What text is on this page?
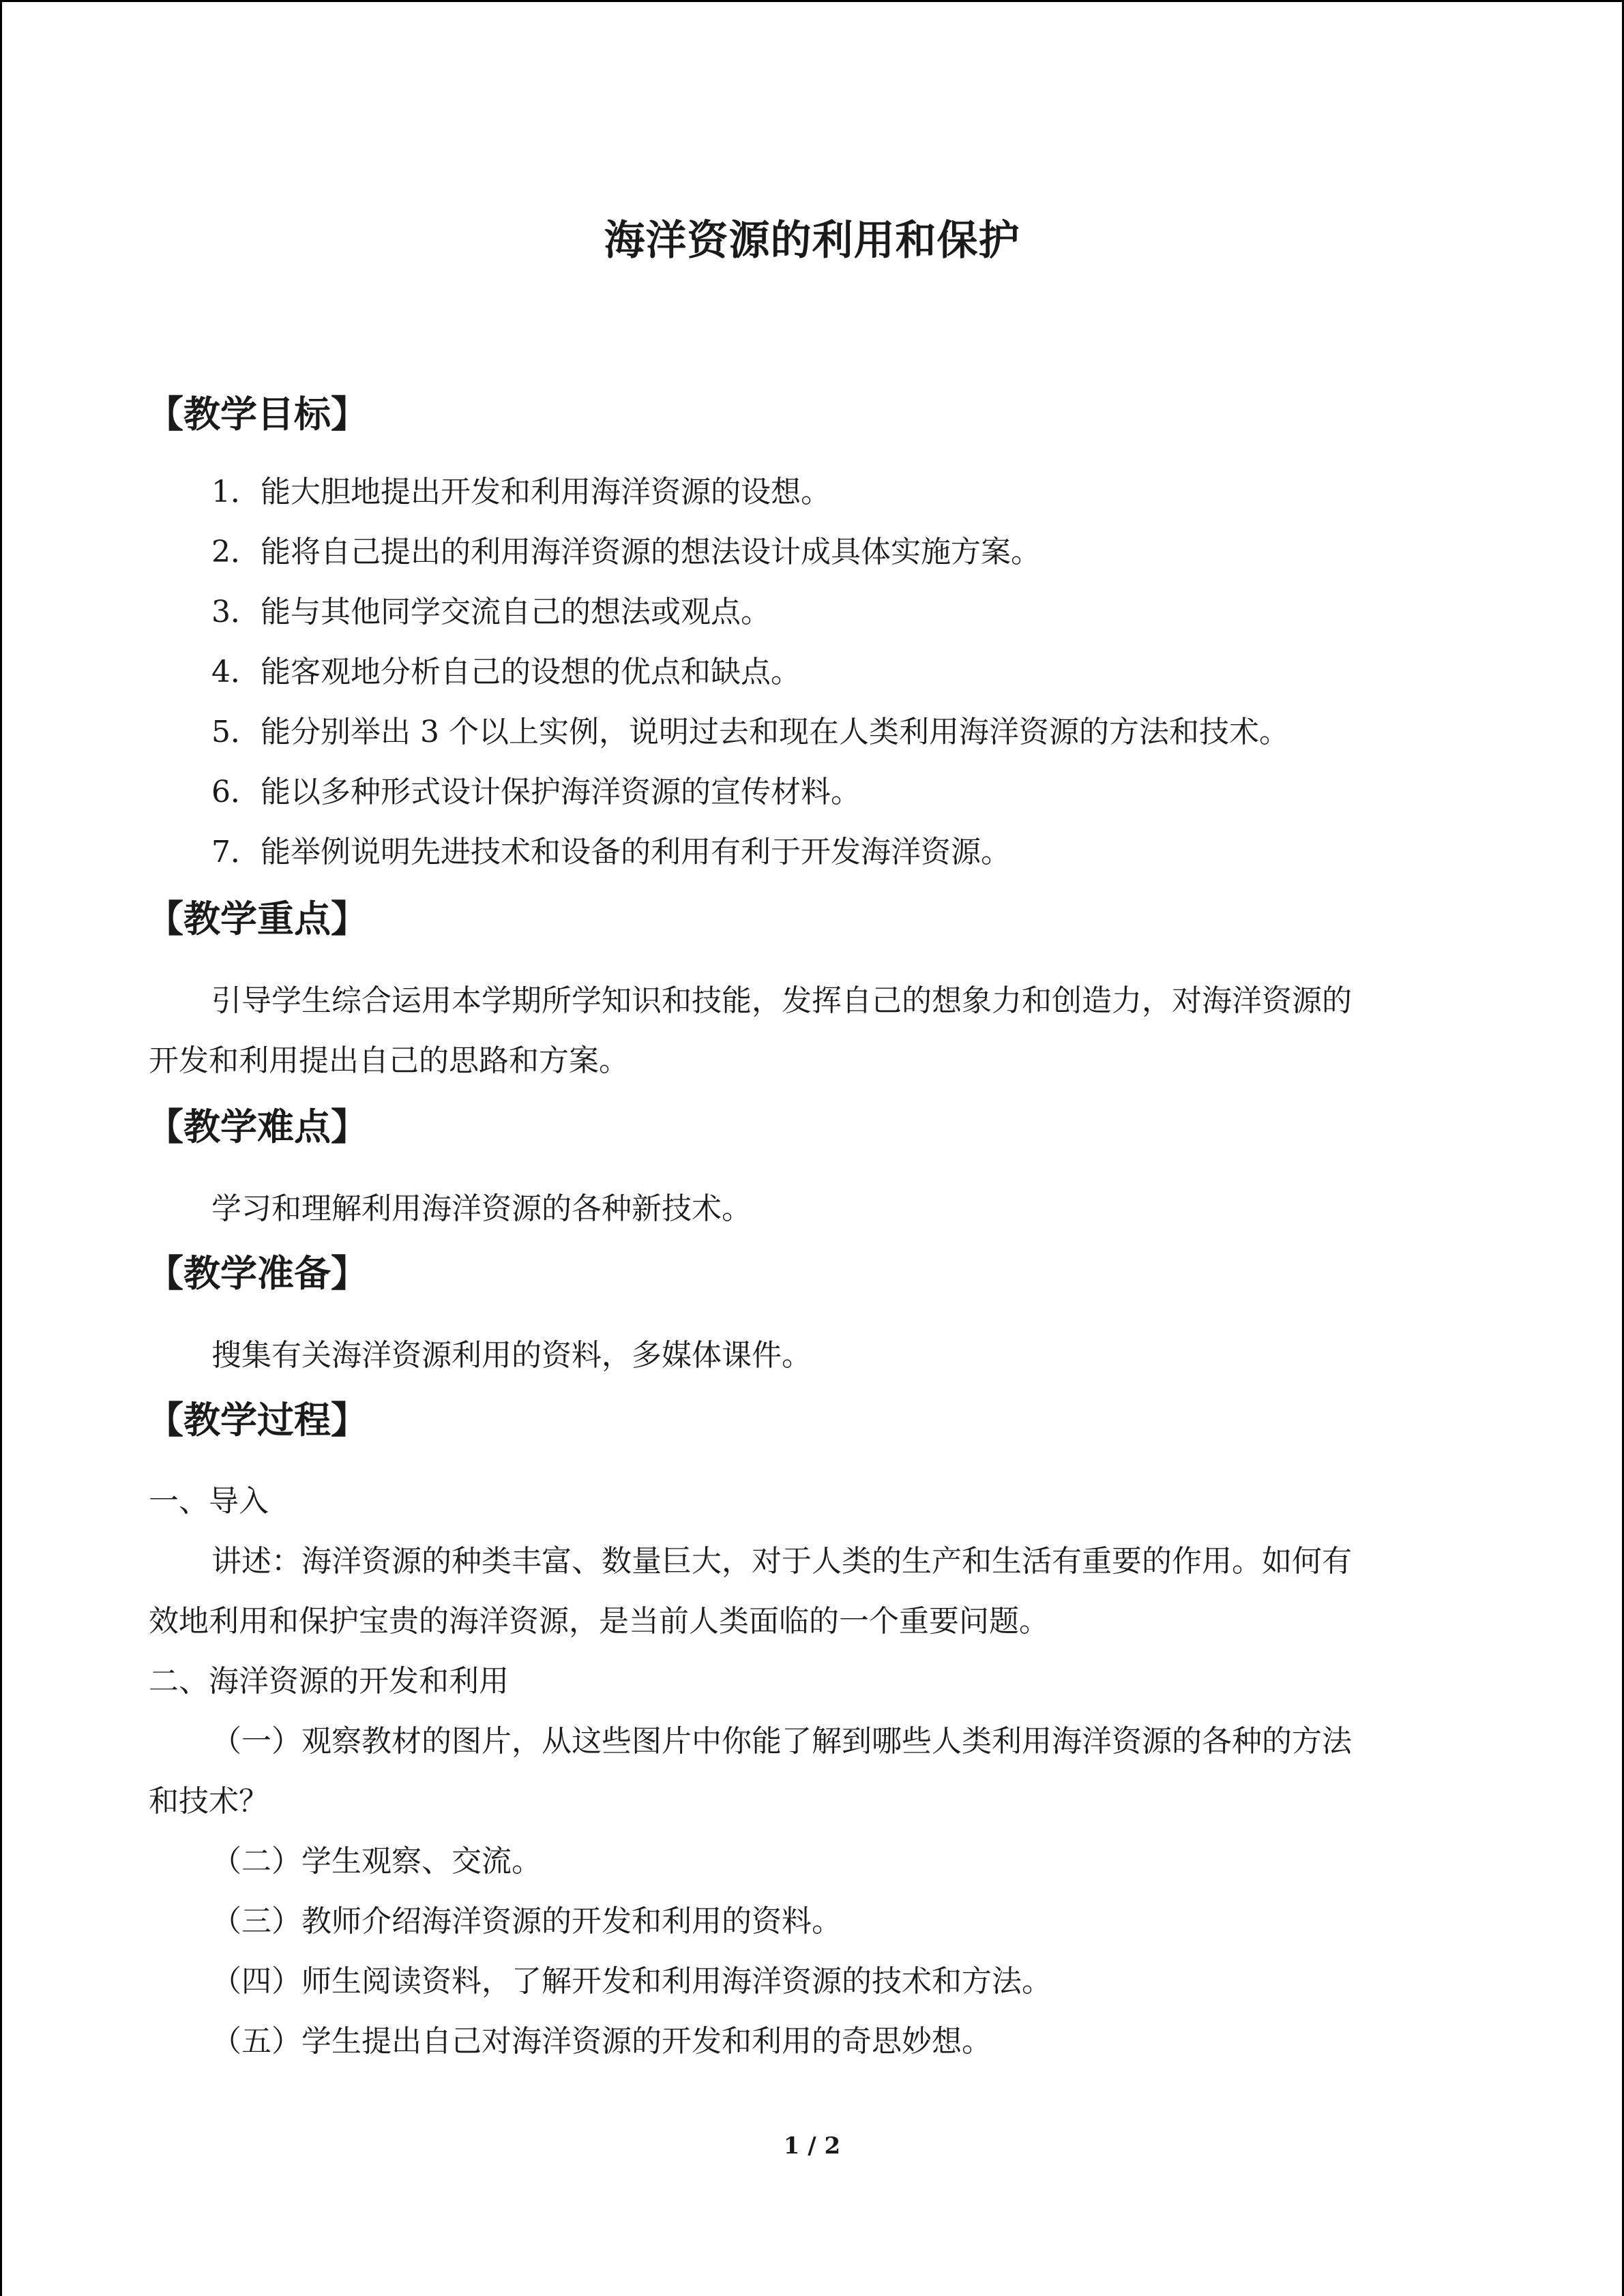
海洋资源的利用和保护
【教学目标】
1．能大胆地提出开发和利用海洋资源的设想。
2．能将自己提出的利用海洋资源的想法设计成具体实施方案。
3．能与其他同学交流自己的想法或观点。
4．能客观地分析自己的设想的优点和缺点。
5．能分别举出 3 个以上实例，说明过去和现在人类利用海洋资源的方法和技术。
6．能以多种形式设计保护海洋资源的宣传材料。
7．能举例说明先进技术和设备的利用有利于开发海洋资源。
【教学重点】
引导学生综合运用本学期所学知识和技能，发挥自己的想象力和创造力，对海洋资源的
开发和利用提出自己的思路和方案。
【教学难点】
学习和理解利用海洋资源的各种新技术。
【教学准备】
搜集有关海洋资源利用的资料，多媒体课件。
【教学过程】
一、导入
讲述：海洋资源的种类丰富、数量巨大，对于人类的生产和生活有重要的作用。如何有
效地利用和保护宝贵的海洋资源，是当前人类面临的一个重要问题。
二、海洋资源的开发和利用
（一）观察教材的图片，从这些图片中你能了解到哪些人类利用海洋资源的各种的方法
和技术？
（二）学生观察、交流。
（三）教师介绍海洋资源的开发和利用的资料。
（四）师生阅读资料，了解开发和利用海洋资源的技术和方法。
（五）学生提出自己对海洋资源的开发和利用的奇思妙想。
1 / 2
